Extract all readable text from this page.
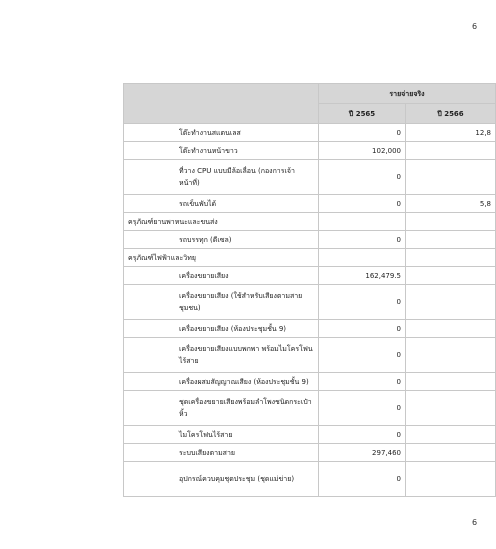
6
	รายจ่ายจริง	
	ปี 2565	ปี 2566
โต๊ะทำงานสแตนเลส	0	12,8
โต๊ะทำงานหน้าขาว	102,000	
ที่วาง CPU แบบมีล้อเลื่อน (กองการเจ้าหน้าที่)	0	
รถเข็นพับได้	0	5,8
ครุภัณฑ์ยานพาหนะและขนส่ง		
รถบรรทุก (ดีเซล)	0	
ครุภัณฑ์ไฟฟ้าและวิทยุ		
เครื่องขยายเสียง	162,479.5	
เครื่องขยายเสียง (ใช้สำหรับเสียงตามสายชุมชน)	0	
เครื่องขยายเสียง (ห้องประชุมชั้น 9)	0	
เครื่องขยายเสียงแบบพกพา พร้อมไมโครโฟนไร้สาย	0	
เครื่องผสมสัญญาณเสียง (ห้องประชุมชั้น 9)	0	
ชุดเครื่องขยายเสียงพร้อมลำโพงชนิดกระเป๋าหิ้ว	0	
ไมโครโฟนไร้สาย	0	
ระบบเสียงตามสาย	297,460	
อุปกรณ์ควบคุมชุดประชุม (ชุดแม่ข่าย)	0	
6
